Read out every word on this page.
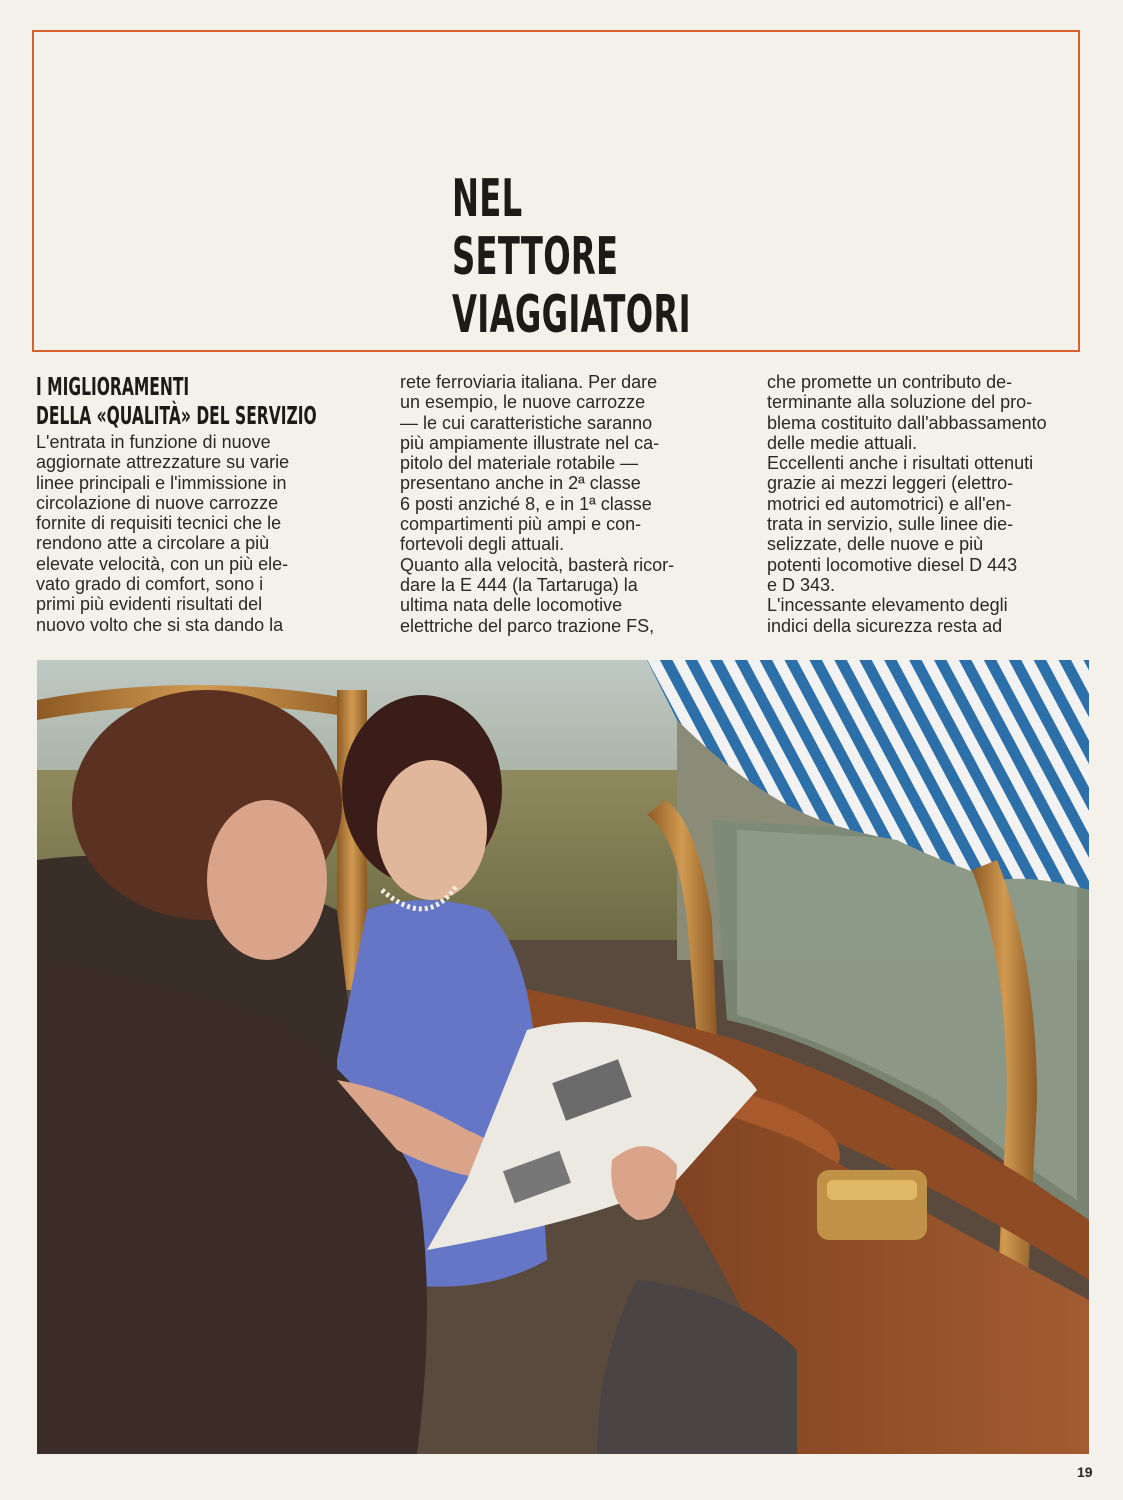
NEL
SETTORE
VIAGGIATORI
I MIGLIORAMENTI
DELLA «QUALITÀ» DEL SERVIZIO

L'entrata in funzione di nuove

aggiornate attrezzature su varie

linee principali e l'immissione in

circolazione di nuove carrozze

fornite di requisiti tecnici che le

rendono atte a circolare a più

elevate velocità, con un più ele-

vato grado di comfort, sono i

primi più evidenti risultati del

nuovo volto che si sta dando la

rete ferroviaria italiana. Per dare

un esempio, le nuove carrozze

— le cui caratteristiche saranno

più ampiamente illustrate nel ca-

pitolo del materiale rotabile —

presentano anche in 2ª classe

6 posti anziché 8, e in 1ª classe

compartimenti più ampi e con-

fortevoli degli attuali.

Quanto alla velocità, basterà ricor-

dare la E 444 (la Tartaruga) la

ultima nata delle locomotive

elettriche del parco trazione FS,

che promette un contributo de-

terminante alla soluzione del pro-

blema costituito dall'abbassamento

delle medie attuali.

Eccellenti anche i risultati ottenuti

grazie ai mezzi leggeri (elettro-

motrici ed automotrici) e all'en-

trata in servizio, sulle linee die-

selizzate, delle nuove e più

potenti locomotive diesel D 443

e D 343.

L'incessante elevamento degli

indici della sicurezza resta ad

19
